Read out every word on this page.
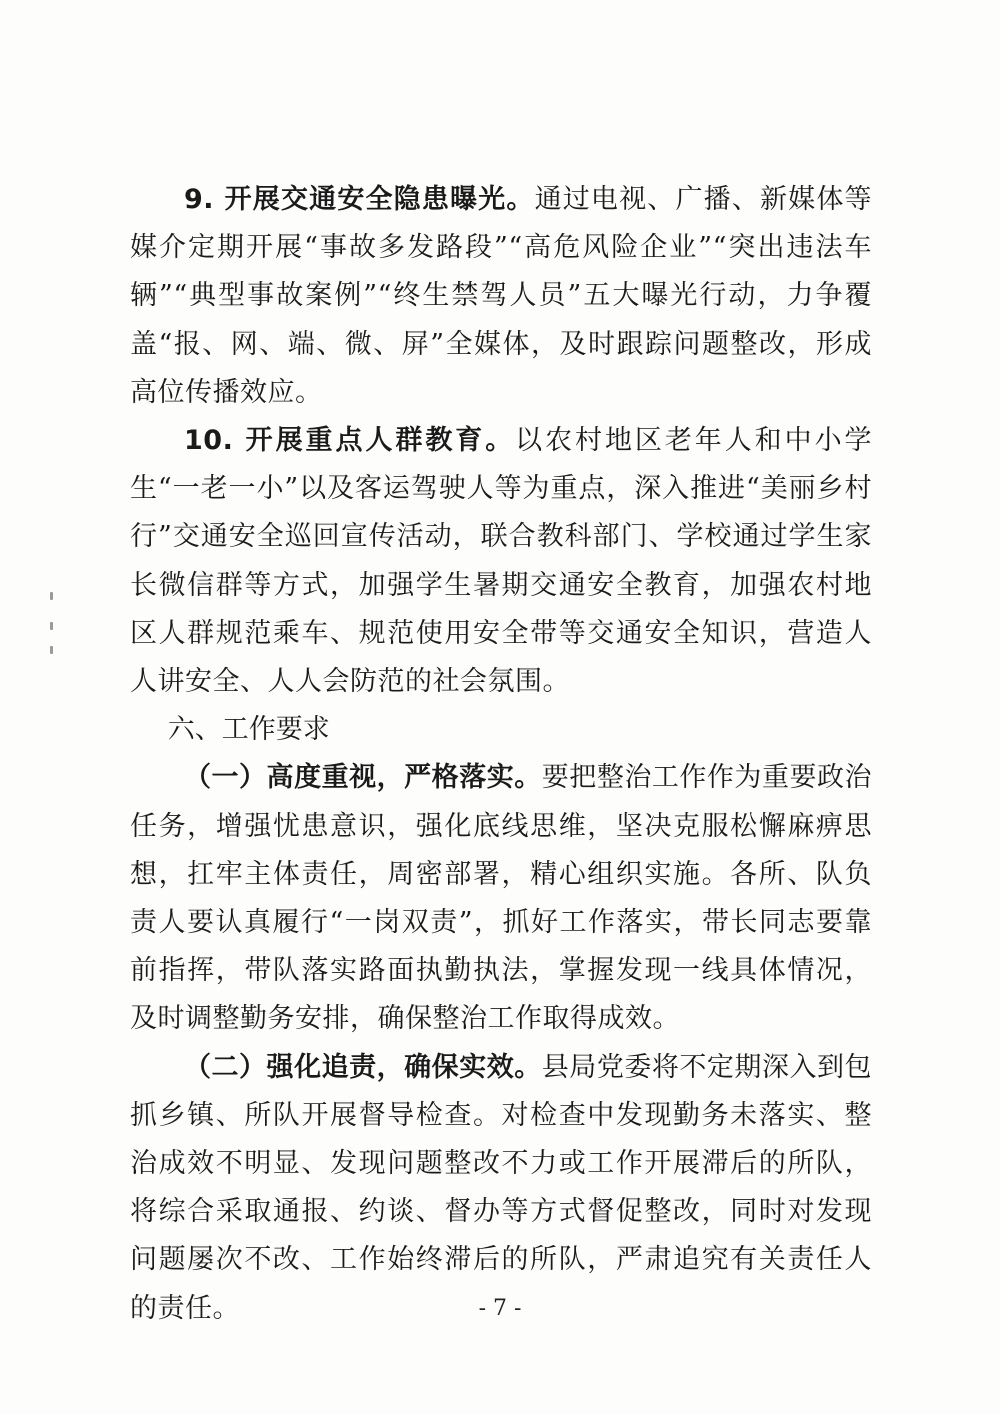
9. 开展交通安全隐患曝光。通过电视、广播、新媒体等媒介定期开展“事故多发路段”“高危风险企业”“突出违法车辆”“典型事故案例”“终生禁驾人员”五大曝光行动，力争覆盖“报、网、端、微、屏”全媒体，及时跟踪问题整改，形成高位传播效应。

10. 开展重点人群教育。以农村地区老年人和中小学生“一老一小”以及客运驾驶人等为重点，深入推进“美丽乡村行”交通安全巡回宣传活动，联合教科部门、学校通过学生家长微信群等方式，加强学生暑期交通安全教育，加强农村地区人群规范乘车、规范使用安全带等交通安全知识，营造人人讲安全、人人会防范的社会氛围。

六、工作要求

（一）高度重视，严格落实。要把整治工作作为重要政治任务，增强忧患意识，强化底线思维，坚决克服松懈麻痹思想，扛牢主体责任，周密部署，精心组织实施。各所、队负责人要认真履行“一岗双责”，抓好工作落实，带长同志要靠前指挥，带队落实路面执勤执法，掌握发现一线具体情况，及时调整勤务安排，确保整治工作取得成效。

（二）强化追责，确保实效。县局党委将不定期深入到包抓乡镇、所队开展督导检查。对检查中发现勤务未落实、整治成效不明显、发现问题整改不力或工作开展滞后的所队，将综合采取通报、约谈、督办等方式督促整改，同时对发现问题屡次不改、工作始终滞后的所队，严肃追究有关责任人的责任。	- 7 -
